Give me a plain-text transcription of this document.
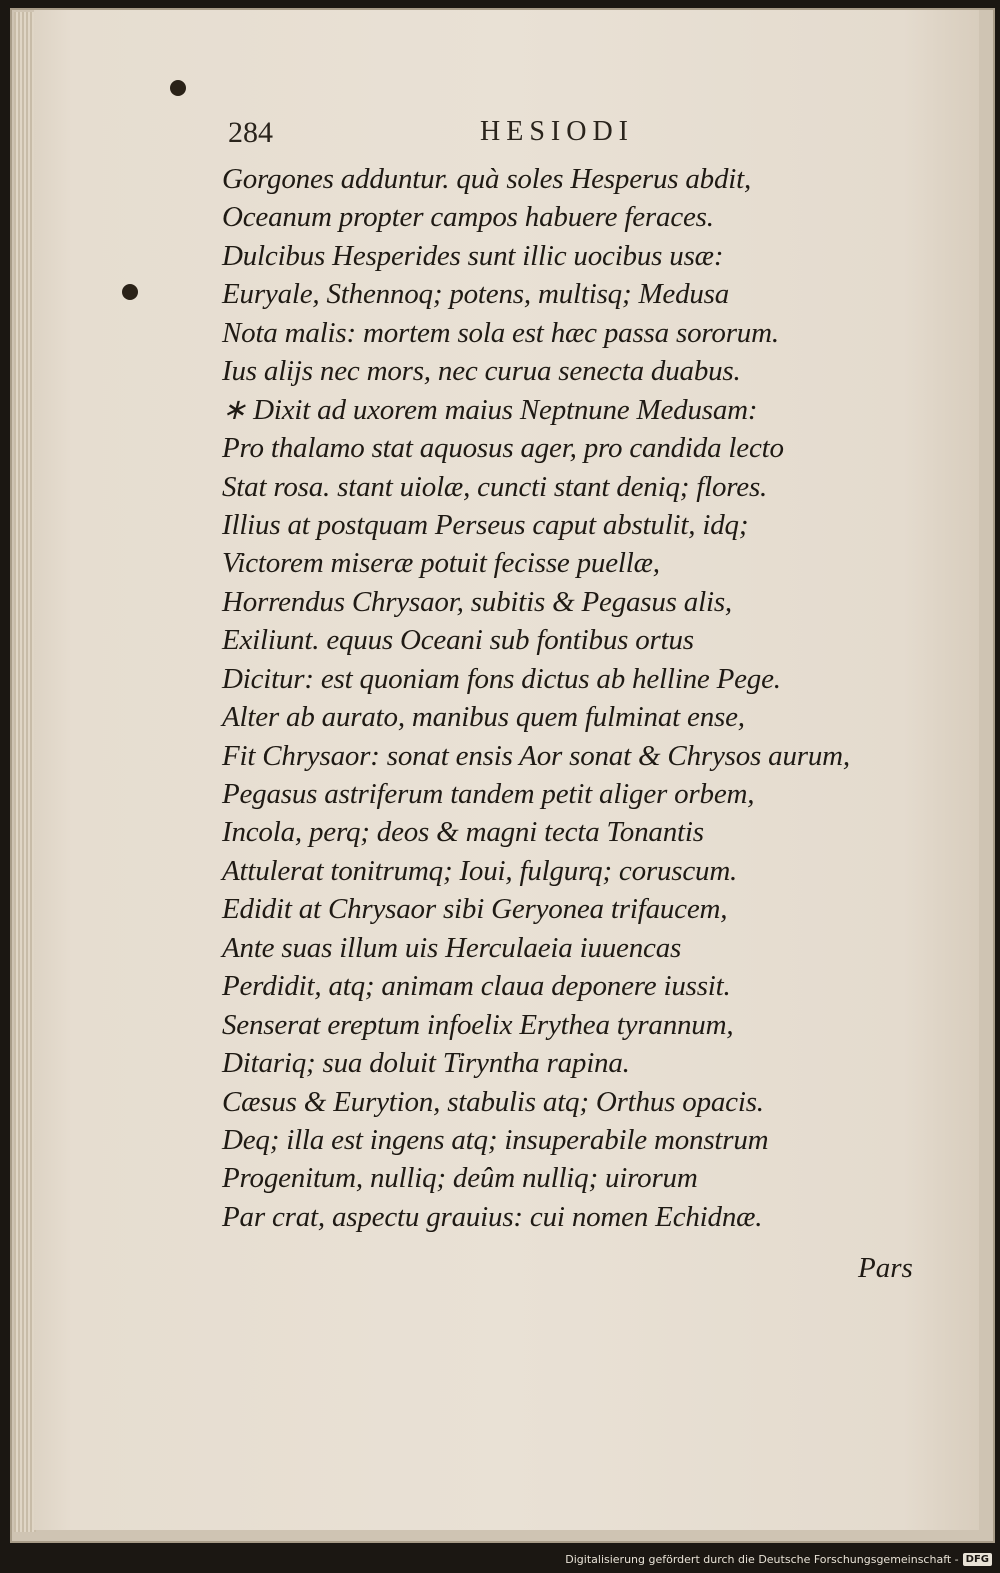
284	HESIODI
Gorgones adduntur. quà soles Hesperus abdit,
Oceanum propter campos habuere feraces.
Dulcibus Hesperides sunt illic uocibus usæ:
Euryale, Sthennoq; potens, multisq; Medusa
Nota malis: mortem sola est hæc passa sororum.
Ius alijs nec mors, nec curua senecta duabus.
∗ Dixit ad uxorem maius Neptnune Medusam:
Pro thalamo stat aquosus ager, pro candida lecto
Stat rosa. stant uiolæ, cuncti stant deniq; flores.
Illius at postquam Perseus caput abstulit, idq;
Victorem miseræ potuit fecisse puellæ,
Horrendus Chrysaor, subitis & Pegasus alis,
Exiliunt. equus Oceani sub fontibus ortus
Dicitur: est quoniam fons dictus ab helline Pege.
Alter ab aurato, manibus quem fulminat ense,
Fit Chrysaor: sonat ensis Aor sonat & Chrysos aurum,
Pegasus astriferum tandem petit aliger orbem,
Incola, perq; deos & magni tecta Tonantis
Attulerat tonitrumq; Ioui, fulgurq; coruscum.
Edidit at Chrysaor sibi Geryonea trifaucem,
Ante suas illum uis Herculaeia iuuencas
Perdidit, atq; animam claua deponere iussit.
Senserat ereptum infoelix Erythea tyrannum,
Ditariq; sua doluit Tiryntha rapina.
Cæsus & Eurytion, stabulis atq; Orthus opacis.
Deq; illa est ingens atq; insuperabile monstrum
Progenitum, nulliq; deûm nulliq; uirorum
Par crat, aspectu grauius: cui nomen Echidnæ.
Pars
Digitalisierung gefördert durch die Deutsche Forschungsgemeinschaft - DFG
